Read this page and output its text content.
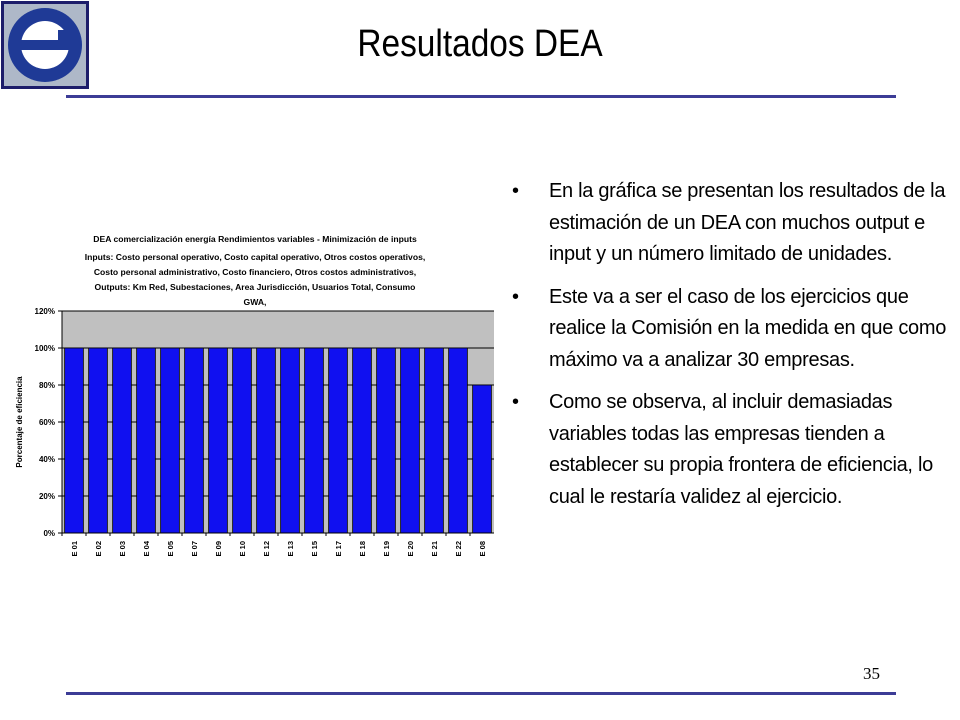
Resultados DEA
DEA comercialización energía Rendimientos variables - Minimización de inputs
Inputs: Costo personal operativo, Costo capital operativo, Otros costos operativos,
Costo personal administrativo, Costo financiero, Otros costos administrativos,
Outputs: Km Red, Subestaciones, Area Jurisdicción, Usuarios Total, Consumo
GWA,
Porcentaje de eficiencia
0%
20%
40%
60%
80%
100%
120%
E 01 E 02 E 03 E 04 E 05 E 07 E 09 E 10 E 12 E 13 E 15 E 17 E 18 E 19 E 20 E 21 E 22 E 08
• En la gráfica se presentan los resultados de la estimación de un DEA con muchos output e input y un número limitado de unidades.
• Este va a ser el caso de los ejercicios que realice la Comisión en la medida en que como máximo va a analizar 30 empresas.
• Como se observa, al incluir demasiadas variables todas las empresas tienden a establecer su propia frontera de eficiencia, lo cual le restaría validez al ejercicio.
35
